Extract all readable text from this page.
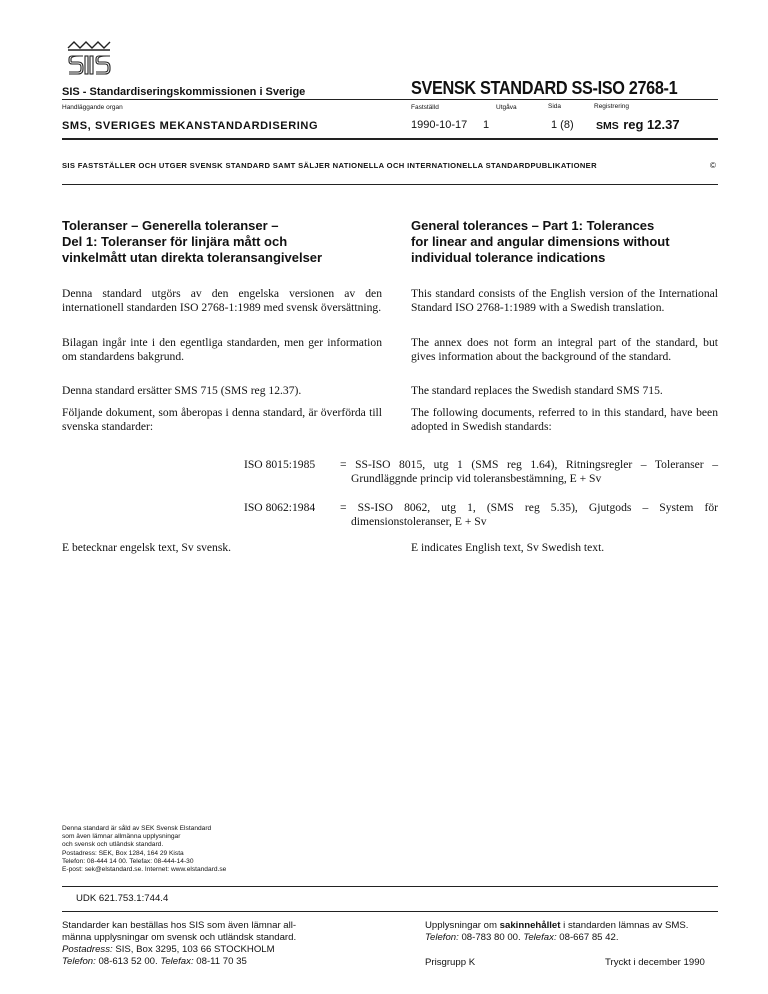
SIS - Standardiseringskommissionen i Sverige	SVENSK STANDARD SS-ISO 2768-1
Handläggande organ	Fastställd	Utgåva	Sida	Registrering
SMS, SVERIGES MEKANSTANDARDISERING	1990-10-17 1	1 (8) SMS reg 12.37
SIS FASTSTÄLLER OCH UTGER SVENSK STANDARD SAMT SÄLJER NATIONELLA OCH INTERNATIONELLA STANDARDPUBLIKATIONER	©
Toleranser – Generella toleranser –
Del 1: Toleranser för linjära mått och
vinkelmått utan direkta toleransangivelser
General tolerances – Part 1: Tolerances
for linear and angular dimensions without
individual tolerance indications
Denna standard utgörs av den engelska versionen av den internationell standarden ISO 2768-1:1989 med svensk översättning.
This standard consists of the English version of the International Standard ISO 2768-1:1989 with a Swedish translation.
Bilagan ingår inte i den egentliga standarden, men ger information om standardens bakgrund.
The annex does not form an integral part of the standard, but gives information about the background of the standard.
Denna standard ersätter SMS 715 (SMS reg 12.37).	The standard replaces the Swedish standard SMS 715.
Följande dokument, som åberopas i denna standard, är överförda till svenska standarder:
The following documents, referred to in this standard, have been adopted in Swedish standards:
ISO 8015:1985 = SS-ISO 8015, utg 1 (SMS reg 1.64), Ritningsregler – Toleranser – Grundläggnde princip vid toleransbestämning, E + Sv
ISO 8062:1984 = SS-ISO 8062, utg 1, (SMS reg 5.35), Gjutgods – System för dimensionstoleranser, E + Sv
E betecknar engelsk text, Sv svensk.	E indicates English text, Sv Swedish text.
Denna standard är såld av SEK Svensk Elstandard
som även lämnar allmänna upplysningar
och svensk och utländsk standard.
Postadress: SEK, Box 1284, 164 29 Kista
Telefon: 08-444 14 00. Telefax: 08-444-14-30
E-post: sek@elstandard.se. Internet: www.elstandard.se
UDK 621.753.1:744.4
Standarder kan beställas hos SIS som även lämnar all-
männa upplysningar om svensk och utländsk standard.
Postadress: SIS, Box 3295, 103 66 STOCKHOLM
Telefon: 08-613 52 00. Telefax: 08-11 70 35
Upplysningar om sakinnehållet i standarden lämnas av SMS.
Telefon: 08-783 80 00. Telefax: 08-667 85 42.
Prisgrupp K	Tryckt i december 1990
